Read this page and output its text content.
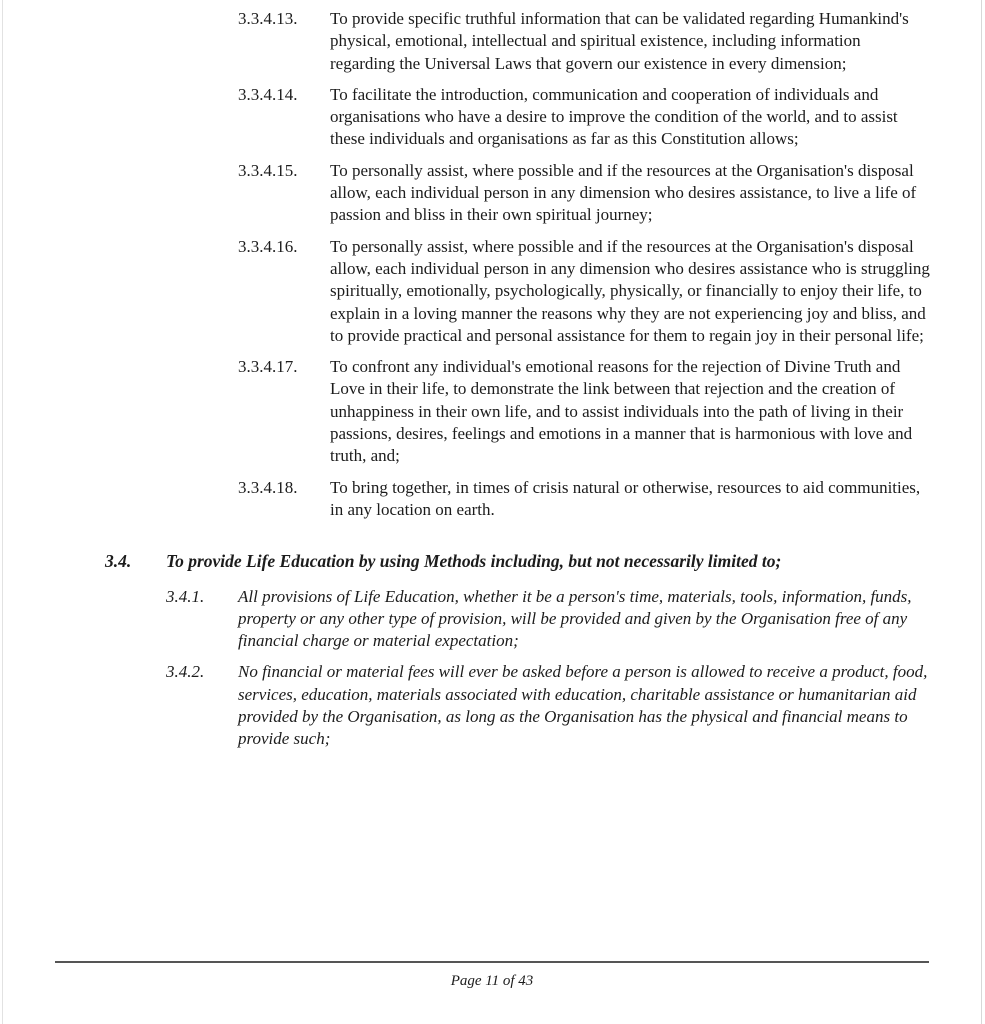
3.3.4.13.	To provide specific truthful information that can be validated regarding Humankind's physical, emotional, intellectual and spiritual existence, including information regarding the Universal Laws that govern our existence in every dimension;
3.3.4.14.	To facilitate the introduction, communication and cooperation of individuals and organisations who have a desire to improve the condition of the world, and to assist these individuals and organisations as far as this Constitution allows;
3.3.4.15.	To personally assist, where possible and if the resources at the Organisation's disposal allow, each individual person in any dimension who desires assistance, to live a life of passion and bliss in their own spiritual journey;
3.3.4.16.	To personally assist, where possible and if the resources at the Organisation's disposal allow, each individual person in any dimension who desires assistance who is struggling spiritually, emotionally, psychologically, physically, or financially to enjoy their life, to explain in a loving manner the reasons why they are not experiencing joy and bliss, and to provide practical and personal assistance for them to regain joy in their personal life;
3.3.4.17.	To confront any individual's emotional reasons for the rejection of Divine Truth and Love in their life, to demonstrate the link between that rejection and the creation of unhappiness in their own life, and to assist individuals into the path of living in their passions, desires, feelings and emotions in a manner that is harmonious with love and truth, and;
3.3.4.18.	To bring together, in times of crisis natural or otherwise, resources to aid communities, in any location on earth.
3.4.	To provide Life Education by using Methods including, but not necessarily limited to;
3.4.1.	All provisions of Life Education, whether it be a person's time, materials, tools, information, funds, property or any other type of provision, will be provided and given by the Organisation free of any financial charge or material expectation;
3.4.2.	No financial or material fees will ever be asked before a person is allowed to receive a product, food, services, education, materials associated with education, charitable assistance or humanitarian aid provided by the Organisation, as long as the Organisation has the physical and financial means to provide such;
Page 11 of 43
